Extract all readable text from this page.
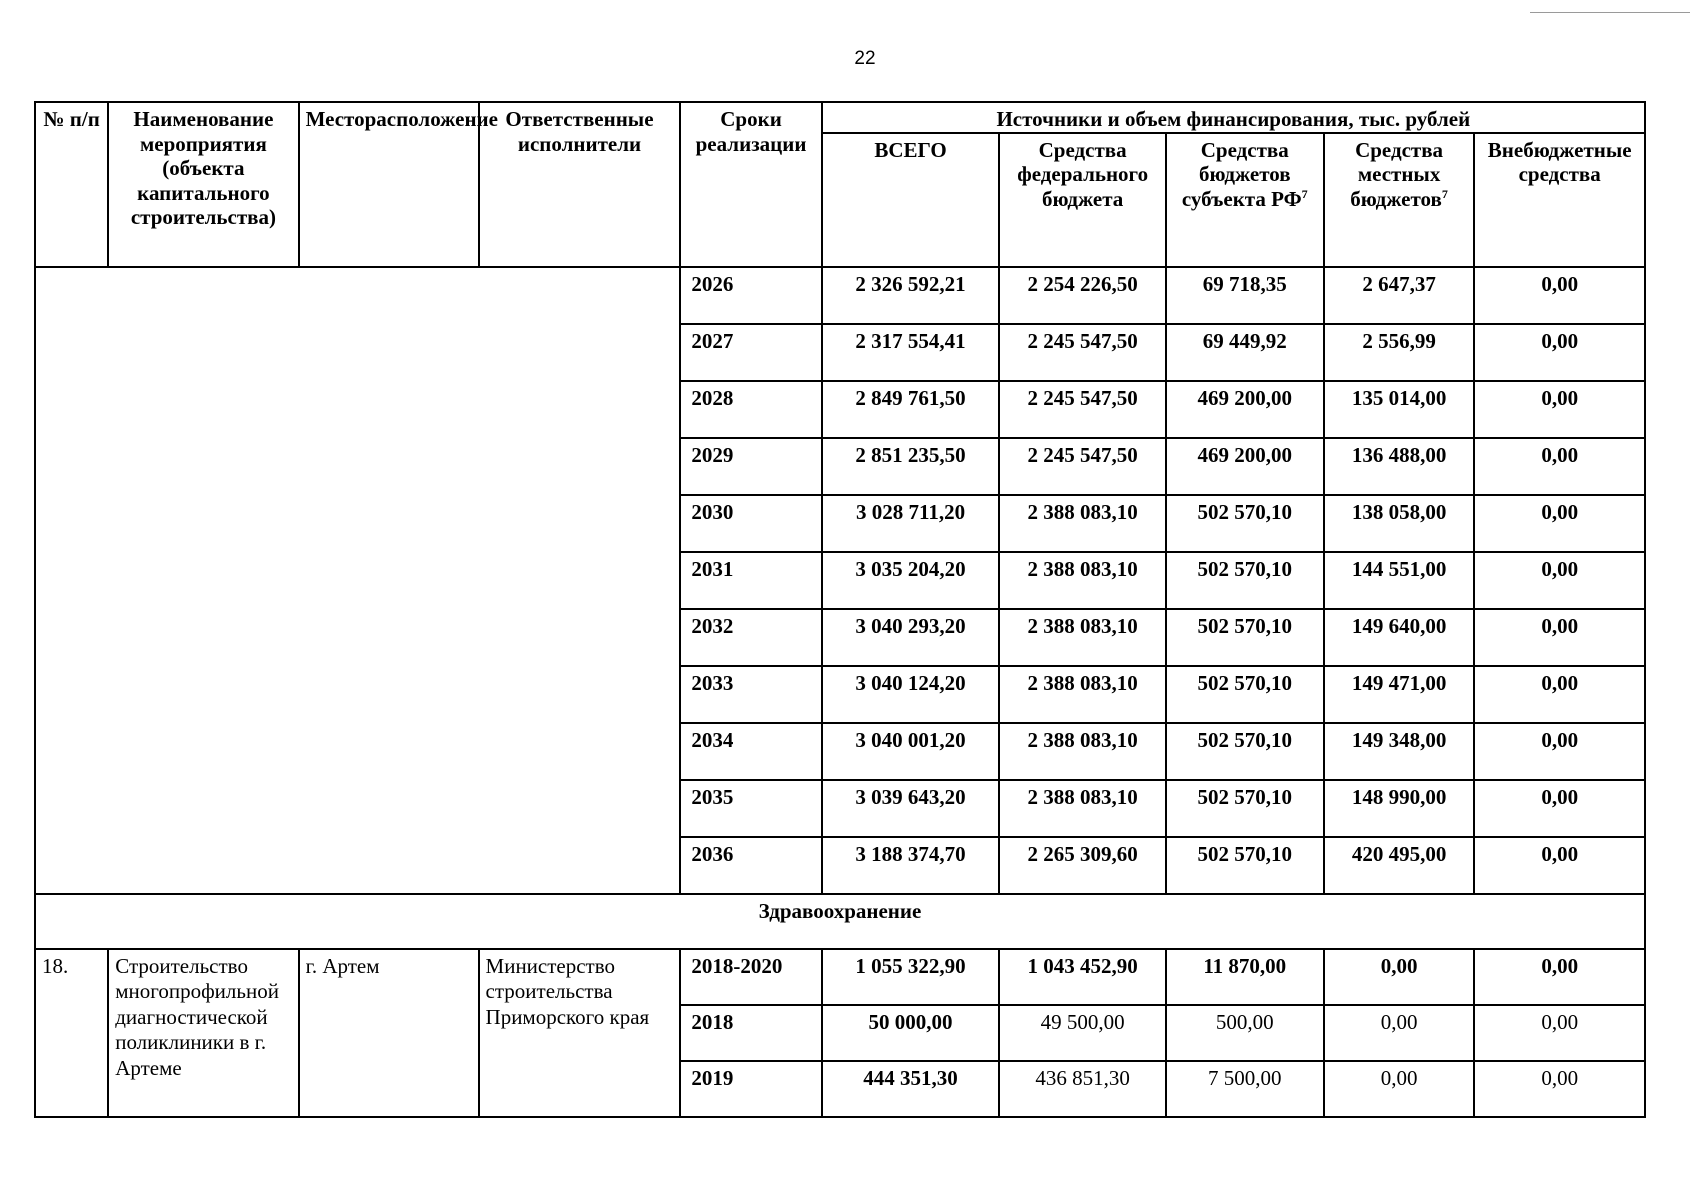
22
№ п/п	Наименование мероприятия (объекта капитального строительства)	Месторасположение	Ответственные исполнители	Сроки реализации	Источники и объем финансирования, тыс. рублей				
					ВСЕГО	Средства федерального бюджета	Средства бюджетов субъекта $РФ^7$	Средства местных бюджетов$^7$	Внебюджетные средства
				2026	2 326 592,21	2 254 226,50	69 718,35	2 647,37	0,00
				2027	2 317 554,41	2 245 547,50	69 449,92	2 556,99	0,00
				2028	2 849 761,50	2 245 547,50	469 200,00	135 014,00	0,00
				2029	2 851 235,50	2 245 547,50	469 200,00	136 488,00	0,00
				2030	3 028 711,20	2 388 083,10	502 570,10	138 058,00	0,00
				2031	3 035 204,20	2 388 083,10	502 570,10	144 551,00	0,00
				2032	3 040 293,20	2 388 083,10	502 570,10	149 640,00	0,00
				2033	3 040 124,20	2 388 083,10	502 570,10	149 471,00	0,00
				2034	3 040 001,20	2 388 083,10	502 570,10	149 348,00	0,00
				2035	3 039 643,20	2 388 083,10	502 570,10	148 990,00	0,00
				2036	3 188 374,70	2 265 309,60	502 570,10	420 495,00	0,00
Здравоохранение									
18.	Строительство многопрофильной диагностической поликлиники в г. Артеме	г. Артем	Министерство строительства Приморского края	2018-2020	1 055 322,90	1 043 452,90	11 870,00	0,00	0,00
				2018	50 000,00	49 500,00	500,00	0,00	0,00
				2019	444 351,30	436 851,30	7 500,00	0,00	0,00
